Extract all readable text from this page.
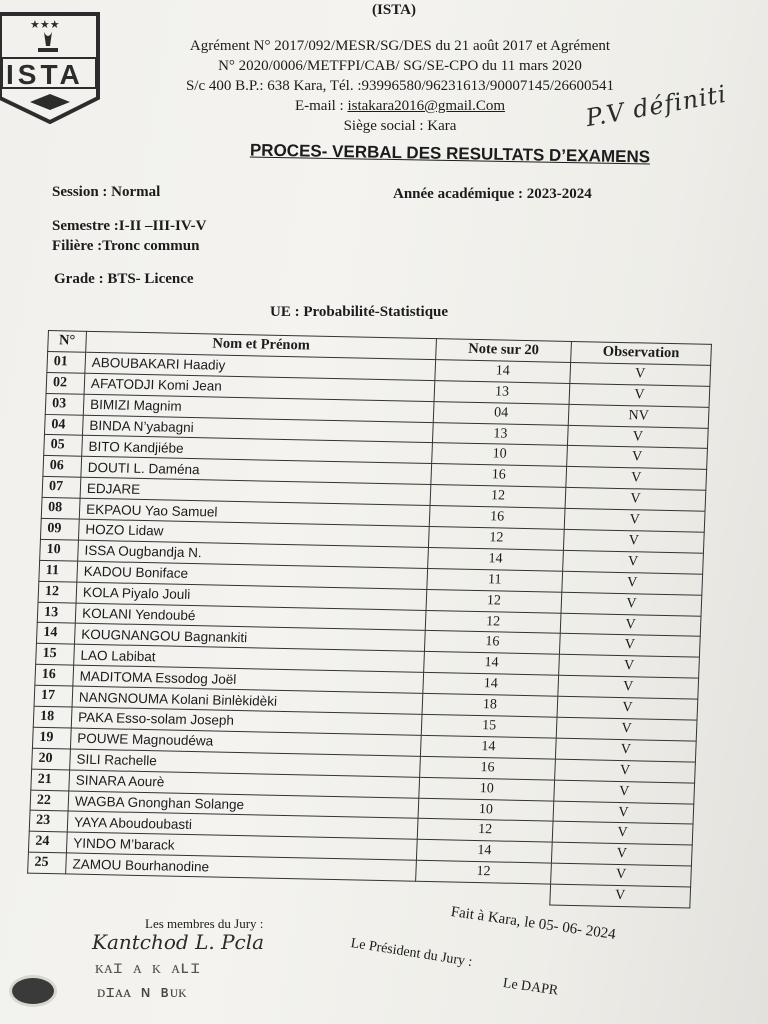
(ISTA)
★★★
ISTA
Agrément N° 2017/092/MESR/SG/DES du 21 août 2017 et Agrément
N° 2020/0006/METFPI/CAB/ SG/SE-CPO du 11 mars 2020
S/c 400 B.P.: 638 Kara, Tél. :93996580/96231613/90007145/26600541
E-mail : istakara2016@gmail.Com
Siège social : Kara	P.V définiti
PROCES- VERBAL DES RESULTATS D’EXAMENS
Session : Normal	Année académique : 2023-2024
Semestre :I-II –III-IV-V
Filière :Tronc commun
Grade : BTS- Licence
UE : Probabilité-Statistique
N°	Nom et Prénom	Note sur 20	Observation
01	ABOUBAKARI Haadiy	14	V
02	AFATODJI Komi Jean	13	V
03	BIMIZI Magnim	04	NV
04	BINDA N’yabagni	13	V
05	BITO Kandjiébe	10	V
06	DOUTI L. Daména	16	V
07	EDJARE	12	V
08	EKPAOU Yao Samuel	16	V
09	HOZO Lidaw	12	V
10	ISSA Ougbandja N.	14	V
11	KADOU Boniface	11	V
12	KOLA Piyalo Jouli	12	V
13	KOLANI Yendoubé	12	V
14	KOUGNANGOU Bagnankiti	16	V
15	LAO Labibat	14	V
16	MADITOMA Essodog Joël	14	V
17	NANGNOUMA Kolani Binlèkidèki	18	V
18	PAKA Esso-solam Joseph	15	V
19	POUWE Magnoudéwa	14	V
20	SILI Rachelle	16	V
21	SINARA Aourè	10	V
22	WAGBA Gnonghan Solange	10	V
23	YAYA Aboudoubasti	12	V
24	YINDO M’barack	14	V
25	ZAMOU Bourhanodine	12	V
			V
Fait à Kara, le 05- 06- 2024
Les membres du Jury :
Le Président du Jury :
Le DAPR
Kantchod L. Pcla
ᴋᴀɪ ᴀ ᴋ ᴀʟɪ
ᴅɪᴀᴀ ɴ ʙᴜᴋ
